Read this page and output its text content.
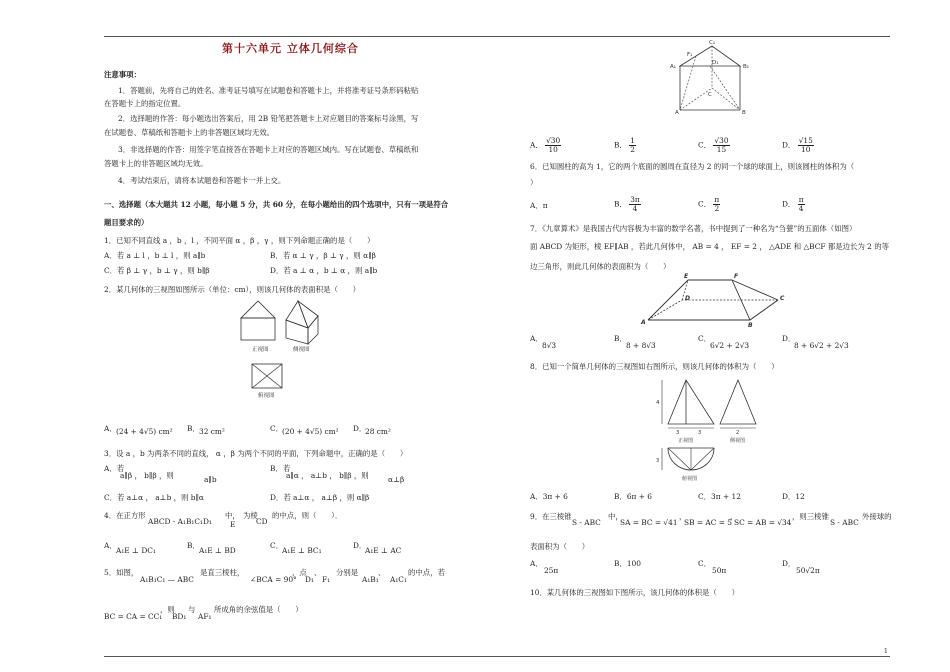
第十六单元 立体几何综合
注意事项：
1．答题前，先将自己的姓名、准考证号填写在试题卷和答题卡上，并将准考证号条形码粘贴
在答题卡上的指定位置。
2．选择题的作答：每小题选出答案后，用 2B 铅笔把答题卡上对应题目的答案标号涂黑，写
在试题卷、草稿纸和答题卡上的非答题区域均无效。
3．非选择题的作答：用签字笔直接答在答题卡上对应的答题区域内。写在试题卷、草稿纸和
答题卡上的非答题区域均无效。
4．考试结束后，请将本试题卷和答题卡一并上交。
一、选择题（本大题共 12 小题，每小题 5 分，共 60 分，在每小题给出的四个选项中，只有一项是符合
题目要求的）
1．已知不同直线 a ，b ，l ，不同平面 α ，β ，γ ，则下列命题正确的是（　　）
A．若 a ⊥ l ，b ⊥ l ，则 a∥b	B．若 α ⊥ γ ，β ⊥ γ ，则 α∥β
C．若 β ⊥ γ ，b ⊥ γ ，则 b∥β	D．若 a ⊥ α ，b ⊥ α ，则 a∥b
2．某几何体的三视图如图所示（单位：cm），则该几何体的表面积是（　　）
正视图	侧视图
俯视图
A． (24 + 4√5) cm² B． 32 cm²	C．
(20 + 4√5) cm² D．
28 cm²
3．设 a ，b 为两条不同的直线， α ，β 为两个不同的平面，下列命题中，正确的是（　　）
A．若
a∥β ， b∥β ，则	a∥b
B．若
a∥α ， a⊥b ， b∥β ，则	α⊥β
C．若 a⊥α ， a⊥b ，则 b∥α	D．若 a⊥α ， a⊥β ，则 α∥β
4．在正方形
ABCD - A₁B₁C₁D₁
中，
E
为棱
CD
的中点，则（　　）．
A．
A₁E ⊥ DC₁
B．
A₁E ⊥ BD
C．
A₁E ⊥ BC₁
D．
A₁E ⊥ AC
5．如图，
A₁B₁C₁ — ABC
是直三棱柱，
∠BCA = 90°
，点
D₁
、
F₁
分别是
A₁B₁
、
A₁C₁
的中点，若
BC = CA = CC₁
，则
BD₁
与
AF₁
所成角的余弦值是（　　）
C₁
F₁
A₁	B₁
D₁
C
A	B
A． $\frac{√30}{10}$	B． $\frac{1}{2}$	C． $\frac{√30}{15}$	D． $\frac{√15}{10}$
6．已知圆柱的高为 1，它的两个底面的圆周在直径为 2 的同一个球的球面上，则该圆柱的体积为（
）
A．π	B． $\frac{3\pi}{4}$	C． $\frac{\pi}{2}$	D． $\frac{\pi}{4}$
7．《九章算术》是我国古代内容极为丰富的数学名著，书中提到了一种名为“刍甍”的五面体（如图）
面 ABCD 为矩形，棱 EF∥AB ，若此几何体中， AB = 4 ， EF = 2 ， △ADE 和 △BCF 都是边长为 2 的等
边三角形，则此几何体的表面积为（　　）
E	F
D	C
A	B
A．
8√3
B．
8 + 8√3
C．
6√2 + 2√3
D．
8 + 6√2 + 2√3
8．已知一个简单几何体的三视图如右图所示，则该几何体的体积为（　　）
4
3	3	2
正视图	侧视图
3
俯视图
A．3π + 6	B．6π + 6	C．3π + 12	D．12
9．在三棱锥
S - ABC
中，
SA = BC = √41
，
SB = AC = 5
，
SC = AB = √34
，则三棱锥
S - ABC
外接球的
表面积为（　　）
A．
25π
B．100	C．
50π
D．
50√2π
10．某几何体的三视图如下图所示，该几何体的体积是（　　）
1
